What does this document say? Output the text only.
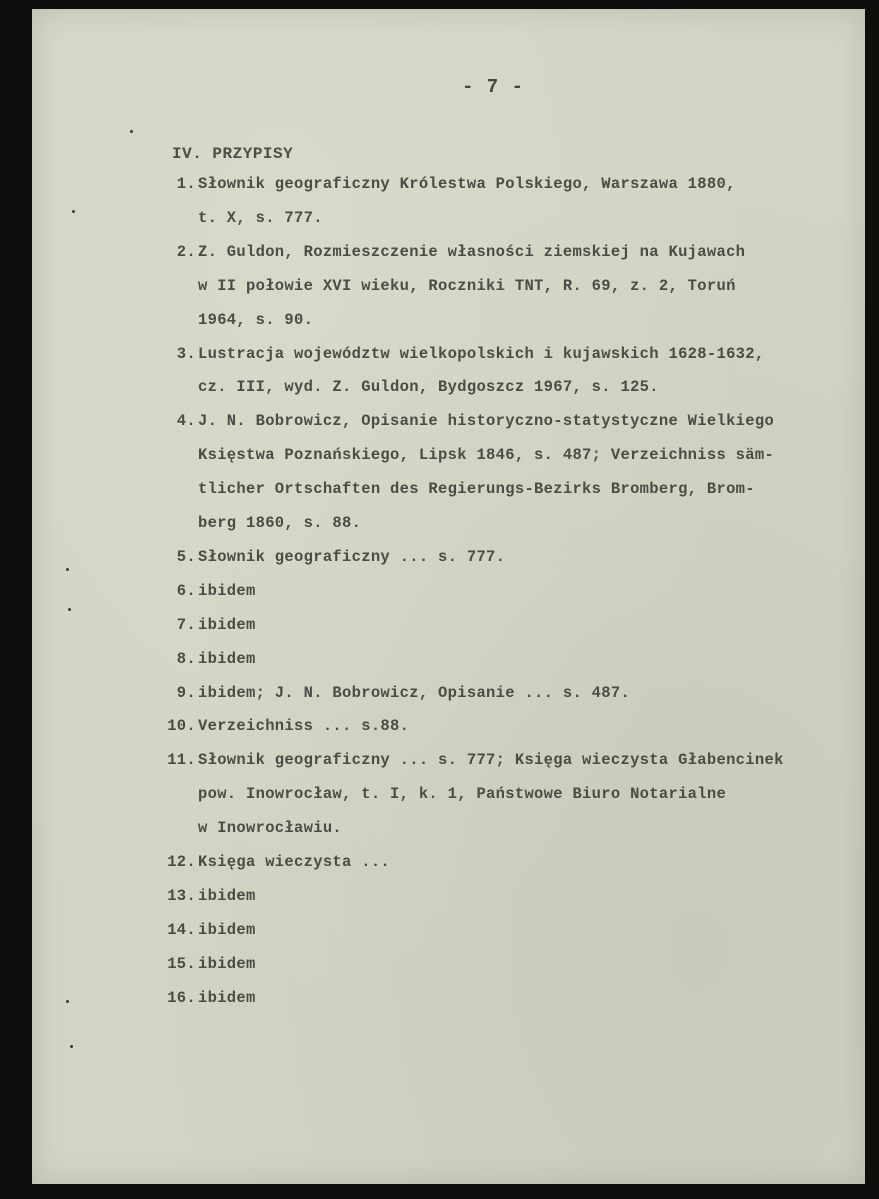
- 7 -
IV. PRZYPISY
1. Słownik geograficzny Królestwa Polskiego, Warszawa 1880,
t. X, s. 777.
2. Z. Guldon, Rozmieszczenie własności ziemskiej na Kujawach
w II połowie XVI wieku, Roczniki TNT, R. 69, z. 2, Toruń
1964, s. 90.
3. Lustracja województw wielkopolskich i kujawskich 1628-1632,
cz. III, wyd. Z. Guldon, Bydgoszcz 1967, s. 125.
4. J. N. Bobrowicz, Opisanie historyczno-statystyczne Wielkiego
Księstwa Poznańskiego, Lipsk 1846, s. 487; Verzeichniss säm-
tlicher Ortschaften des Regierungs-Bezirks Bromberg, Brom-
berg 1860, s. 88.
5. Słownik geograficzny ... s. 777.
6. ibidem
7. ibidem
8. ibidem
9. ibidem; J. N. Bobrowicz, Opisanie ... s. 487.
10. Verzeichniss ... s.88.
11. Słownik geograficzny ... s. 777; Księga wieczysta Głabencinek
pow. Inowrocław, t. I, k. 1, Państwowe Biuro Notarialne
w Inowrocławiu.
12. Księga wieczysta ...
13. ibidem
14. ibidem
15. ibidem
16. ibidem
